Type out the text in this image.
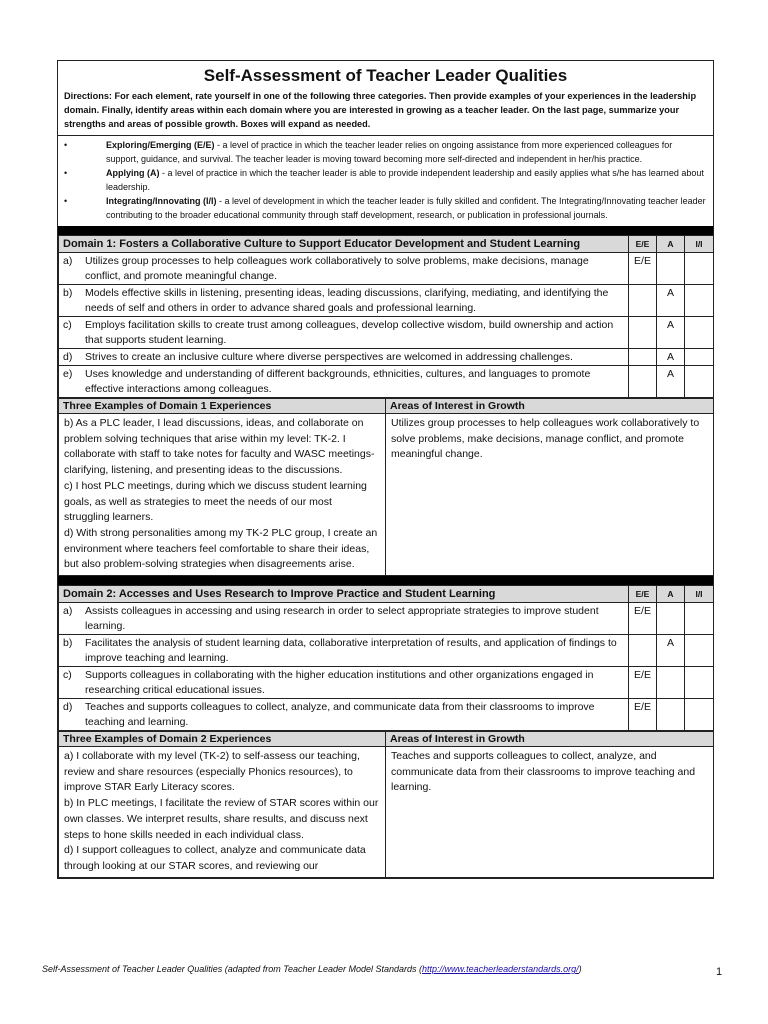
Self-Assessment of Teacher Leader Qualities
Directions: For each element, rate yourself in one of the following three categories. Then provide examples of your experiences in the leadership domain. Finally, identify areas within each domain where you are interested in growing as a teacher leader. On the last page, summarize your strengths and areas of possible growth. Boxes will expand as needed.
•	Exploring/Emerging (E/E) - a level of practice in which the teacher leader relies on ongoing assistance from more experienced colleagues for support, guidance, and survival. The teacher leader is moving toward becoming more self-directed and independent in her/his practice.
•	Applying (A) - a level of practice in which the teacher leader is able to provide independent leadership and easily applies what s/he has learned about leadership.
•	Integrating/Innovating (I/I) - a level of development in which the teacher leader is fully skilled and confident. The Integrating/Innovating teacher leader contributing to the broader educational community through staff development, research, or publication in professional journals.
Domain 1: Fosters a Collaborative Culture to Support Educator Development and Student Learning	E/E	A	I/I
a) Utilizes group processes to help colleagues work collaboratively to solve problems, make decisions, manage conflict, and promote meaningful change.	E/E		
b) Models effective skills in listening, presenting ideas, leading discussions, clarifying, mediating, and identifying the needs of self and others in order to advance shared goals and professional learning.		A	
c) Employs facilitation skills to create trust among colleagues, develop collective wisdom, build ownership and action that supports student learning.		A	
d) Strives to create an inclusive culture where diverse perspectives are welcomed in addressing challenges.		A	
e) Uses knowledge and understanding of different backgrounds, ethnicities, cultures, and languages to promote effective interactions among colleagues.		A	
Three Examples of Domain 1 Experiences	Areas of Interest in Growth

b) As a PLC leader, I lead discussions, ideas, and collaborate on problem solving techniques that arise within my level: TK-2. I collaborate with staff to take notes for faculty and WASC meetings- clarifying, listening, and presenting ideas to the discussions.
c) I host PLC meetings, during which we discuss student learning goals, as well as strategies to meet the needs of our most struggling learners.
d) With strong personalities among my TK-2 PLC group, I create an environment where teachers feel comfortable to share their ideas, but also problem-solving strategies when disagreements arise.	Utilizes group processes to help colleagues work collaboratively to solve problems, make decisions, manage conflict, and promote meaningful change.
Domain 2: Accesses and Uses Research to Improve Practice and Student Learning	E/E	A	I/I
a) Assists colleagues in accessing and using research in order to select appropriate strategies to improve student learning.	E/E		
b) Facilitates the analysis of student learning data, collaborative interpretation of results, and application of findings to improve teaching and learning.		A	
c) Supports colleagues in collaborating with the higher education institutions and other organizations engaged in researching critical educational issues.	E/E		
d) Teaches and supports colleagues to collect, analyze, and communicate data from their classrooms to improve teaching and learning.	E/E		
Three Examples of Domain 2 Experiences	Areas of Interest in Growth

a) I collaborate with my level (TK-2) to self-assess our teaching, review and share resources (especially Phonics resources), to improve STAR Early Literacy scores.
b) In PLC meetings, I facilitate the review of STAR scores within our own classes. We interpret results, share results, and discuss next steps to hone skills needed in each individual class.
d) I support colleagues to collect, analyze and communicate data through looking at our STAR scores, and reviewing our	Teaches and supports colleagues to collect, analyze, and communicate data from their classrooms to improve teaching and learning.
Self-Assessment of Teacher Leader Qualities (adapted from Teacher Leader Model Standards (http://www.teacherleaderstandards.org/)	1
